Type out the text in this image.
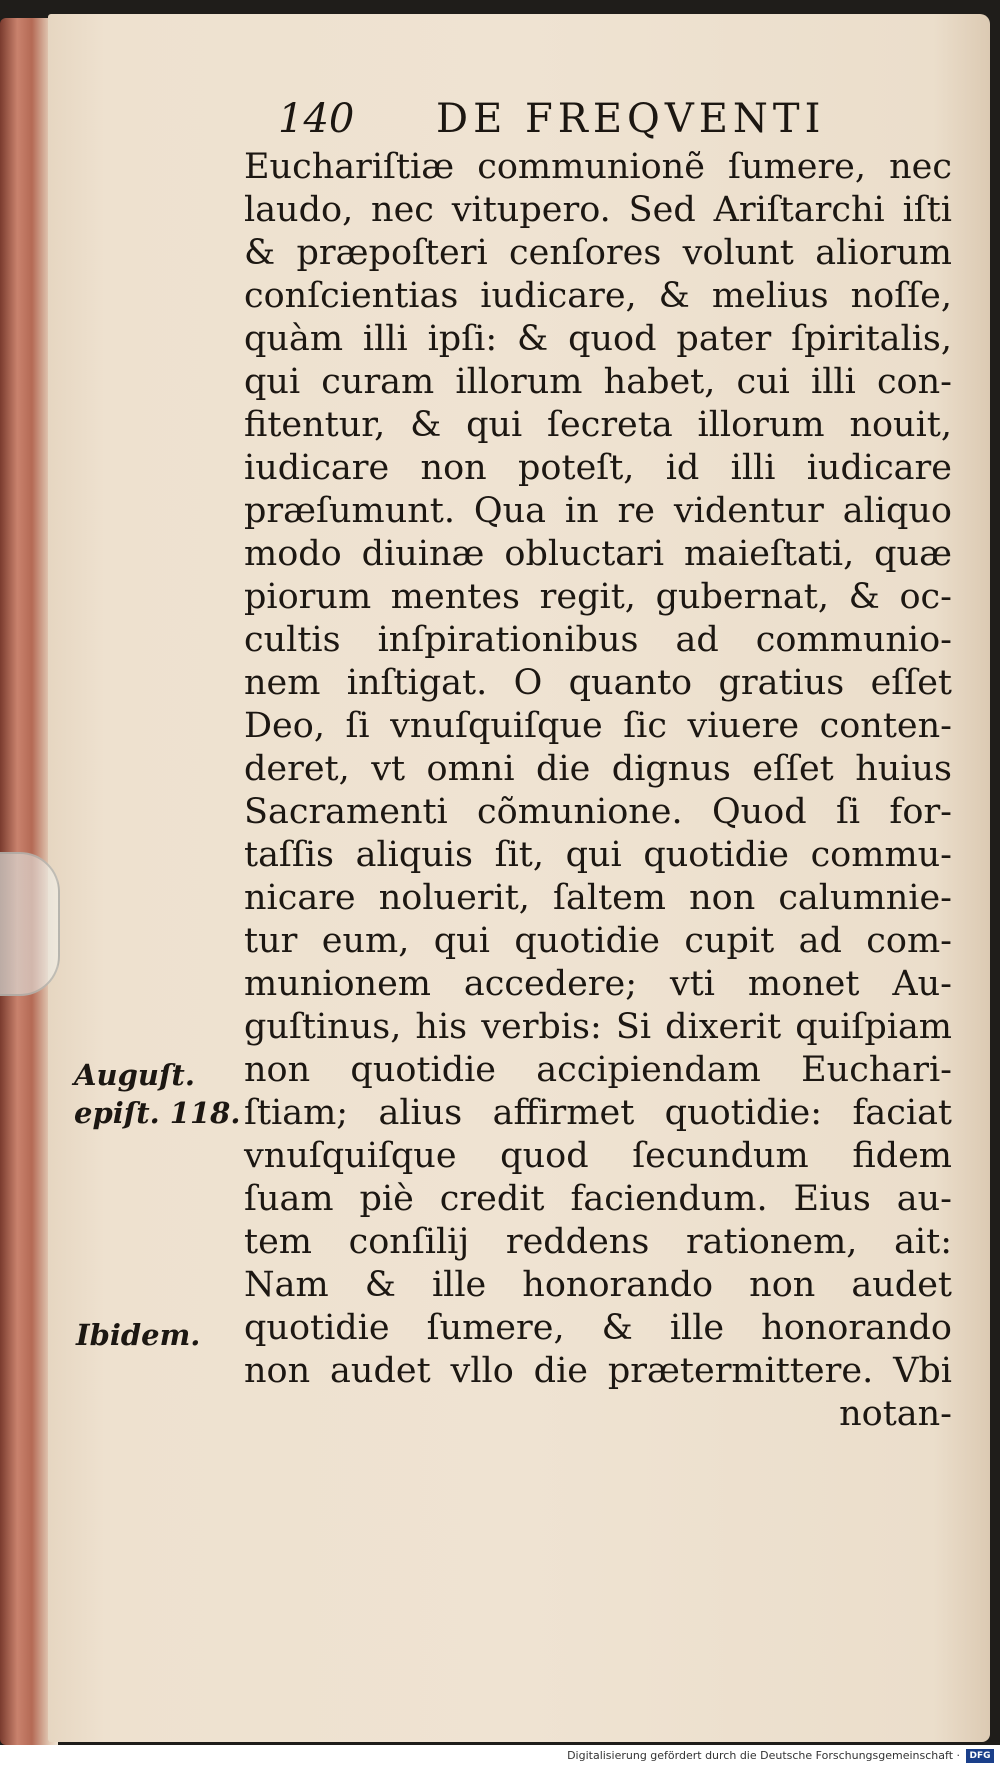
140 DE FREQVENTI
Euchariſtiæ communionẽ ſumere, nec
laudo, nec vitupero. Sed Ariſtarchi iſti
& præpoſteri cenſores volunt aliorum
conſcientias iudicare, & melius noſſe,
quàm illi ipſi: & quod pater ſpiritalis,
qui curam illorum habet, cui illi con-
fitentur, & qui ſecreta illorum nouit,
iudicare non poteſt, id illi iudicare
præſumunt. Qua in re videntur aliquo
modo diuinæ obluctari maieſtati, quæ
piorum mentes regit, gubernat, & oc-
cultis inſpirationibus ad communio-
nem inſtigat. O quanto gratius eſſet
Deo, ſi vnuſquiſque ſic viuere conten-
deret, vt omni die dignus eſſet huius
Sacramenti cõmunione. Quod ſi for-
taſſis aliquis ſit, qui quotidie commu-
nicare noluerit, ſaltem non calumnie-
tur eum, qui quotidie cupit ad com-
munionem accedere; vti monet Au-
guſtinus, his verbis: Si dixerit quiſpiam
non quotidie accipiendam Euchari-
ſtiam; alius affirmet quotidie: faciat
vnuſquiſque quod ſecundum fidem
ſuam piè credit faciendum. Eius au-
tem conſilij reddens rationem, ait:
Nam & ille honorando non audet
quotidie ſumere, & ille honorando
non audet vllo die prætermittere. Vbi
notan-
Auguſt.
epiſt. 118.
Ibidem.
Digitalisierung gefördert durch die Deutsche Forschungsgemeinschaft ·	DFG
